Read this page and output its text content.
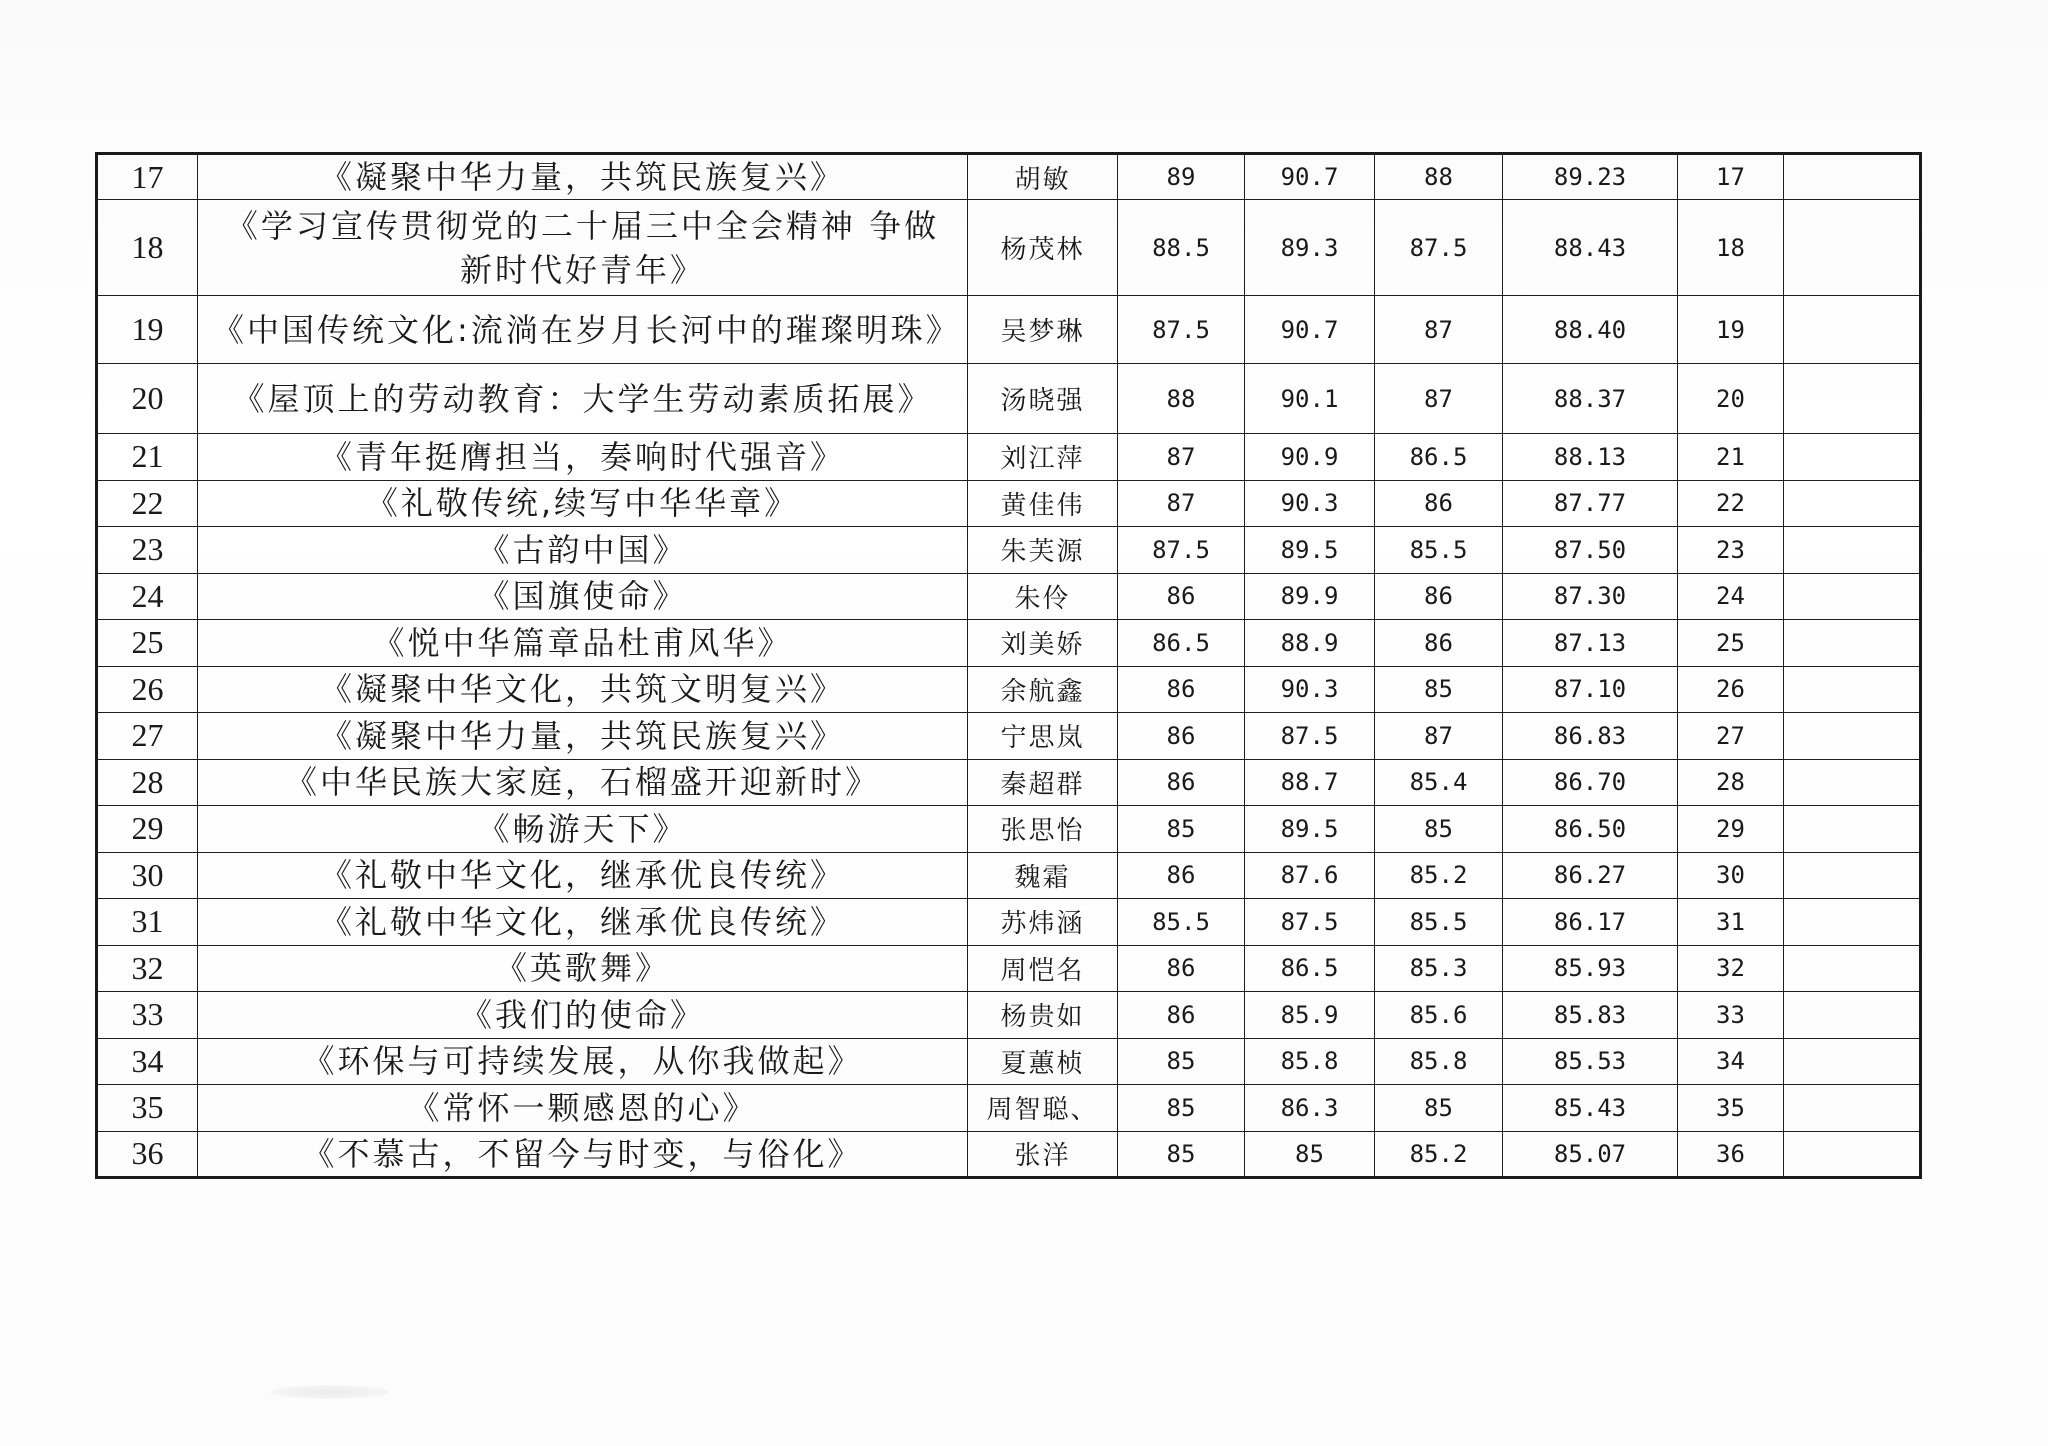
17	《凝聚中华力量，共筑民族复兴》	胡敏	89	90.7	88	89.23	17	
18	《学习宣传贯彻党的二十届三中全会精神 争做新时代好青年》	杨茂林	88.5	89.3	87.5	88.43	18	
19	《中国传统文化:流淌在岁月长河中的璀璨明珠》	吴梦琳	87.5	90.7	87	88.40	19	
20	《屋顶上的劳动教育：大学生劳动素质拓展》	汤晓强	88	90.1	87	88.37	20	
21	《青年挺膺担当，奏响时代强音》	刘江萍	87	90.9	86.5	88.13	21	
22	《礼敬传统,续写中华华章》	黄佳伟	87	90.3	86	87.77	22	
23	《古韵中国》	朱芙源	87.5	89.5	85.5	87.50	23	
24	《国旗使命》	朱伶	86	89.9	86	87.30	24	
25	《悦中华篇章品杜甫风华》	刘美娇	86.5	88.9	86	87.13	25	
26	《凝聚中华文化，共筑文明复兴》	余航鑫	86	90.3	85	87.10	26	
27	《凝聚中华力量，共筑民族复兴》	宁思岚	86	87.5	87	86.83	27	
28	《中华民族大家庭，石榴盛开迎新时》	秦超群	86	88.7	85.4	86.70	28	
29	《畅游天下》	张思怡	85	89.5	85	86.50	29	
30	《礼敬中华文化，继承优良传统》	魏霜	86	87.6	85.2	86.27	30	
31	《礼敬中华文化，继承优良传统》	苏炜涵	85.5	87.5	85.5	86.17	31	
32	《英歌舞》	周恺名	86	86.5	85.3	85.93	32	
33	《我们的使命》	杨贵如	86	85.9	85.6	85.83	33	
34	《环保与可持续发展，从你我做起》	夏蕙桢	85	85.8	85.8	85.53	34	
35	《常怀一颗感恩的心》	周智聪、	85	86.3	85	85.43	35	
36	《不慕古，不留今与时变，与俗化》	张洋	85	85	85.2	85.07	36	
